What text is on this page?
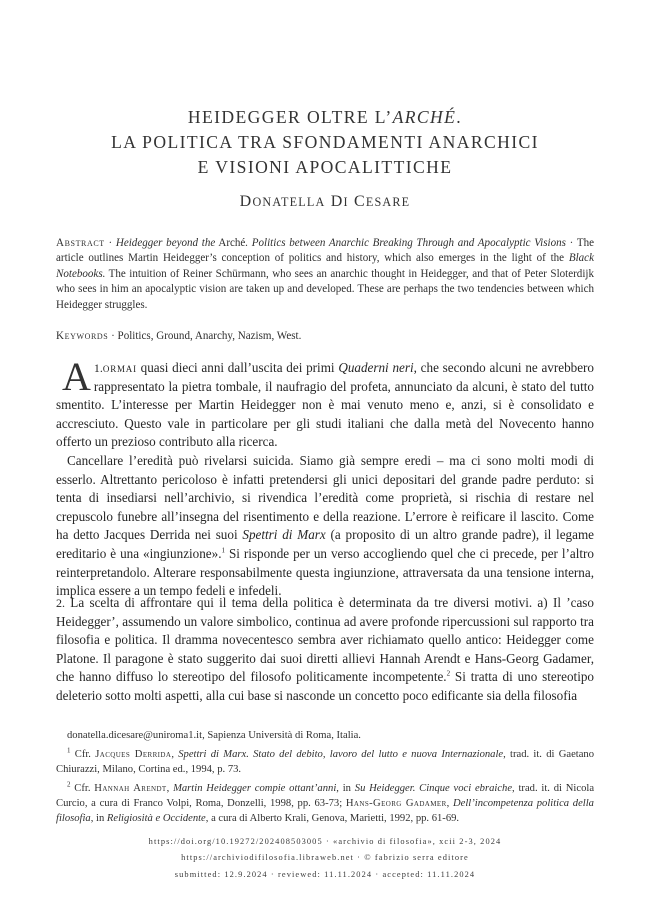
HEIDEGGER OLTRE L’ARCHÉ.
LA POLITICA TRA SFONDAMENTI ANARCHICI
E VISIONI APOCALITTICHE
DONATELLA DI CESARE
Abstract · Heidegger beyond the Arché. Politics between Anarchic Breaking Through and Apocalyptic Visions · The article outlines Martin Heidegger’s conception of politics and history, which also emerges in the light of the Black Notebooks. The intuition of Reiner Schürmann, who sees an anarchic thought in Heidegger, and that of Peter Sloterdijk who sees in him an apocalyptic vision are taken up and developed. These are perhaps the two tendencies between which Heidegger struggles.
Keywords · Politics, Ground, Anarchy, Nazism, West.

1.
A ormai quasi dieci anni dall’uscita dei primi Quaderni neri, che secondo alcuni ne avrebbero rappresentato la pietra tombale, il naufragio del profeta, annunciato da alcuni, è stato del tutto smentito. L’interesse per Martin Heidegger non è mai venuto meno e, anzi, si è consolidato e accresciuto. Questo vale in particolare per gli studi italiani che dalla metà del Novecento hanno offerto un prezioso contributo alla ricerca.

Cancellare l’eredità può rivelarsi suicida. Siamo già sempre eredi – ma ci sono molti modi di esserlo. Altrettanto pericoloso è infatti pretendersi gli unici depositari del grande padre perduto: si tenta di insediarsi nell’archivio, si rivendica l’eredità come proprietà, si rischia di restare nel crepuscolo funebre all’insegna del risentimento e della reazione. L’errore è reificare il lascito. Come ha detto Jacques Derrida nei suoi Spettri di Marx (a proposito di un altro grande padre), il legame ereditario è una «ingiunzione».$^1$ Si risponde per un verso accogliendo quel che ci precede, per l’altro reinterpretandolo. Alterare responsabilmente questa ingiunzione, attraversata da una tensione interna, implica essere a un tempo fedeli e infedeli.

2. La scelta di affrontare qui il tema della politica è determinata da tre diversi motivi. a) Il ’caso Heidegger’, assumendo un valore simbolico, continua ad avere profonde ripercussioni sul rapporto tra filosofia e politica. Il dramma novecentesco sembra aver richiamato quello antico: Heidegger come Platone. Il paragone è stato suggerito dai suoi diretti allievi Hannah Arendt e Hans-Georg Gadamer, che hanno diffuso lo stereotipo del filosofo politicamente incompetente.$^2$ Si tratta di uno stereotipo deleterio sotto molti aspetti, alla cui base si nasconde un concetto poco edificante sia della filosofia

donatella.dicesare@uniroma1.it, Sapienza Università di Roma, Italia.

$^1$ Cfr. Jacques Derrida, Spettri di Marx. Stato del debito, lavoro del lutto e nuova Internazionale, trad. it. di Gaetano Chiurazzi, Milano, Cortina ed., 1994, p. 73.

$^2$ Cfr. Hannah Arendt, Martin Heidegger compie ottant’anni, in Su Heidegger. Cinque voci ebraiche, trad. it. di Nicola Curcio, a cura di Franco Volpi, Roma, Donzelli, 1998, pp. 63-73; Hans-Georg Gadamer, Dell’incompetenza politica della filosofia, in Religiosità e Occidente, a cura di Alberto Krali, Genova, Marietti, 1992, pp. 61-69.

https://doi.org/10.19272/202408503005 · «archivio di filosofia», xcii 2-3, 2024
https://archiviodifilosofia.libraweb.net · © fabrizio serra editore
submitted: 12.9.2024 · reviewed: 11.11.2024 · accepted: 11.11.2024
